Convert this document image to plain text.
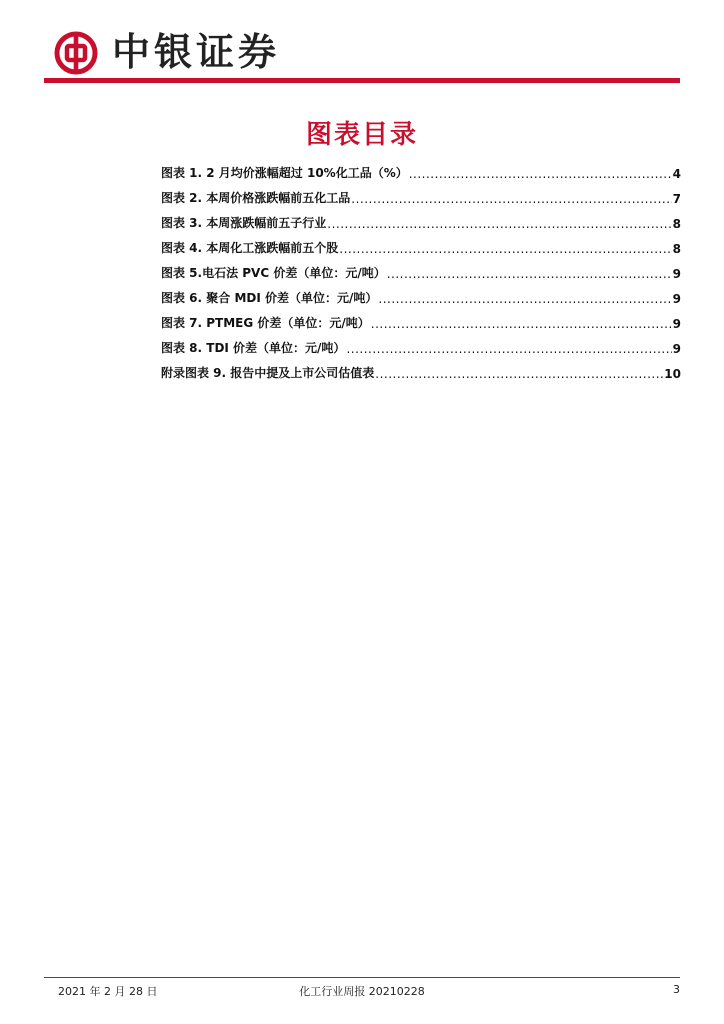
中银证券
图表目录
图表 1. 2 月均价涨幅超过 10%化工品（%） .....	4
图表 2. 本周价格涨跌幅前五化工品 .....	7
图表 3. 本周涨跌幅前五子行业 .....	8
图表 4. 本周化工涨跌幅前五个股 .....	8
图表 5.电石法 PVC 价差（单位：元/吨） .....	9
图表 6. 聚合 MDI 价差（单位：元/吨） .....	9
图表 7. PTMEG 价差（单位：元/吨） .....	9
图表 8. TDI 价差（单位：元/吨） .....	9
附录图表 9. 报告中提及上市公司估值表 .....	10
2021 年 2 月 28 日	化工行业周报 20210228	3
